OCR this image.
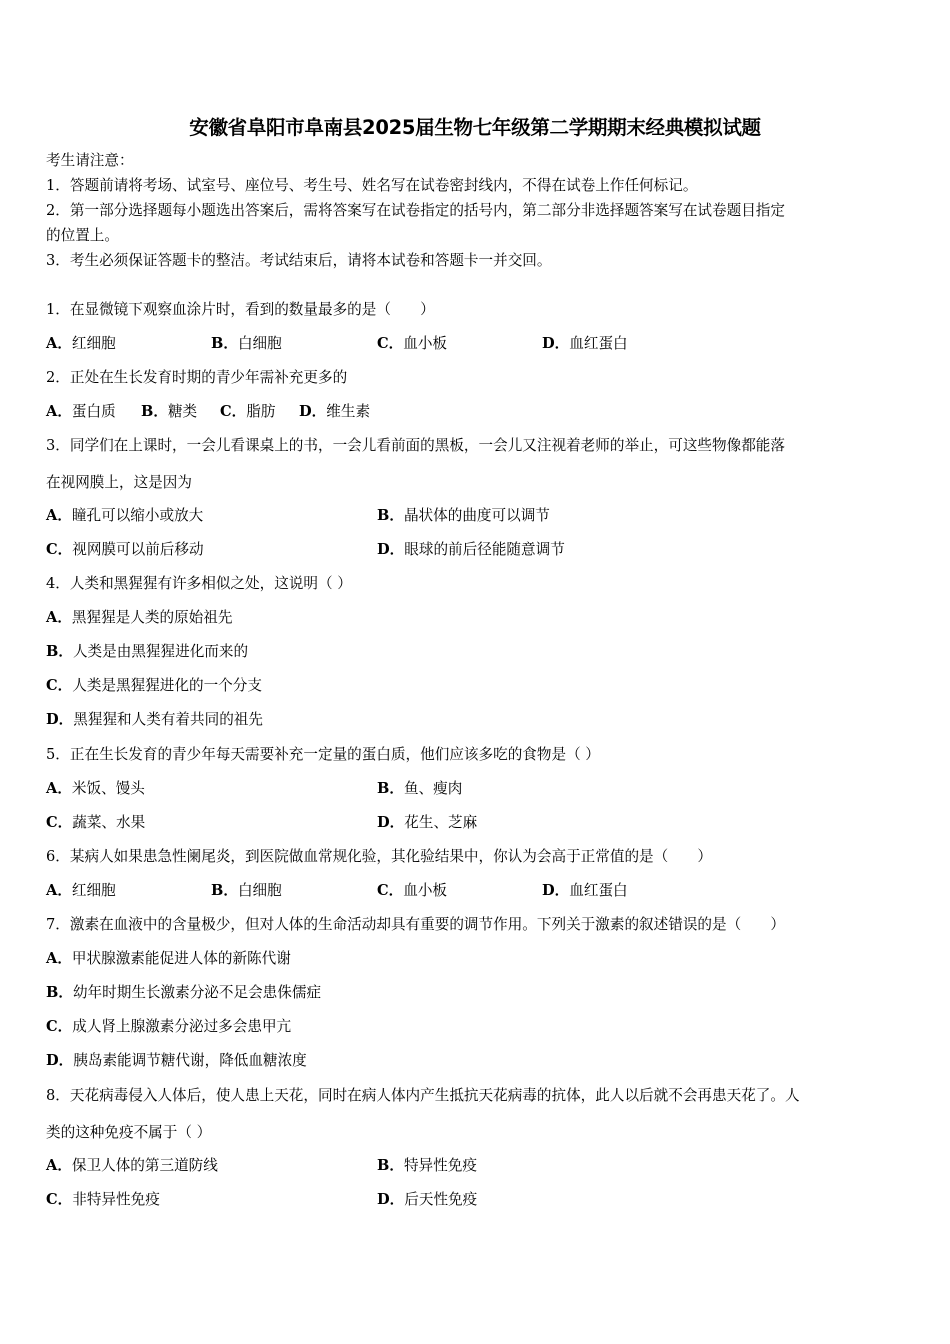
安徽省阜阳市阜南县2025届生物七年级第二学期期末经典模拟试题
考生请注意：
1．答题前请将考场、试室号、座位号、考生号、姓名写在试卷密封线内，不得在试卷上作任何标记。
2．第一部分选择题每小题选出答案后，需将答案写在试卷指定的括号内，第二部分非选择题答案写在试卷题目指定
的位置上。
3．考生必须保证答题卡的整洁。考试结束后，请将本试卷和答题卡一并交回。
1．在显微镜下观察血涂片时，看到的数量最多的是（　　）
A．红细胞	B．白细胞	C．血小板	D．血红蛋白
2．正处在生长发育时期的青少年需补充更多的
A．蛋白质 B．糖类 C．脂肪 D．维生素
3．同学们在上课时，一会儿看课桌上的书，一会儿看前面的黑板，一会儿又注视着老师的举止，可这些物像都能落
在视网膜上，这是因为
A．瞳孔可以缩小或放大	B．晶状体的曲度可以调节
C．视网膜可以前后移动	D．眼球的前后径能随意调节
4．人类和黑猩猩有许多相似之处，这说明（ ）
A．黑猩猩是人类的原始祖先
B．人类是由黑猩猩进化而来的
C．人类是黑猩猩进化的一个分支
D．黑猩猩和人类有着共同的祖先
5．正在生长发育的青少年每天需要补充一定量的蛋白质，他们应该多吃的食物是（ ）
A．米饭、馒头	B．鱼、瘦肉
C．蔬菜、水果	D．花生、芝麻
6．某病人如果患急性阑尾炎，到医院做血常规化验，其化验结果中，你认为会高于正常值的是（　　）
A．红细胞	B．白细胞	C．血小板	D．血红蛋白
7．激素在血液中的含量极少，但对人体的生命活动却具有重要的调节作用。下列关于激素的叙述错误的是（　　）
A．甲状腺激素能促进人体的新陈代谢
B．幼年时期生长激素分泌不足会患侏儒症
C．成人肾上腺激素分泌过多会患甲亢
D．胰岛素能调节糖代谢，降低血糖浓度
8．天花病毒侵入人体后，使人患上天花，同时在病人体内产生抵抗天花病毒的抗体，此人以后就不会再患天花了。人
类的这种免疫不属于（ ）
A．保卫人体的第三道防线	B．特异性免疫
C．非特异性免疫	D．后天性免疫
